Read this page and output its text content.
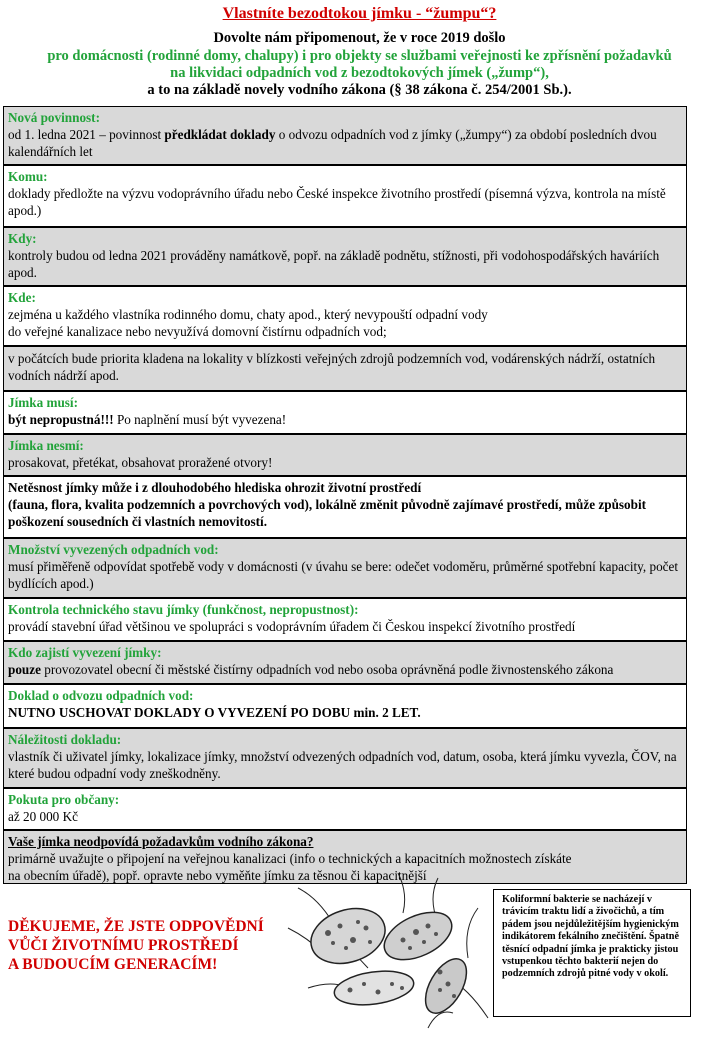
Vlastníte bezodtokou jímku - “žumpu“?
Dovolte nám připomenout, že v roce 2019 došlo
pro domácnosti (rodinné domy, chalupy) i pro objekty se službami veřejnosti ke zpřísnění požadavků
na likvidaci odpadních vod z bezodtokových jímek („žump“),
a to na základě novely vodního zákona (§ 38 zákona č. 254/2001 Sb.).
Nová povinnost:
od 1. ledna 2021 – povinnost předkládat doklady o odvozu odpadních vod z jímky („žumpy“) za období posledních dvou kalendářních let
Komu:
doklady předložte na výzvu vodoprávního úřadu nebo České inspekce životního prostředí (písemná výzva, kontrola na místě apod.)
Kdy:
kontroly budou od ledna 2021 prováděny namátkově, popř. na základě podnětu, stížnosti, při vodohospodářských haváriích apod.
Kde:
zejména u každého vlastníka rodinného domu, chaty apod., který nevypouští odpadní vody
do veřejné kanalizace nebo nevyužívá domovní čistírnu odpadních vod;
v počátcích bude priorita kladena na lokality v blízkosti veřejných zdrojů podzemních vod, vodárenských nádrží, ostatních vodních nádrží apod.
Jímka musí:
být nepropustná!!! Po naplnění musí být vyvezena!
Jímka nesmí:
prosakovat, přetékat, obsahovat proražené otvory!
Netěsnost jímky může i z dlouhodobého hlediska ohrozit životní prostředí
(fauna, flora, kvalita podzemních a povrchových vod), lokálně změnit původně zajímavé prostředí, může způsobit poškození sousedních či vlastních nemovitostí.
Množství vyvezených odpadních vod:
musí přiměřeně odpovídat spotřebě vody v domácnosti (v úvahu se bere: odečet vodoměru, průměrné spotřební kapacity, počet bydlících apod.)
Kontrola technického stavu jímky (funkčnost, nepropustnost):
provádí stavební úřad většinou ve spolupráci s vodoprávním úřadem či Českou inspekcí životního prostředí
Kdo zajistí vyvezení jímky:
pouze provozovatel obecní či městské čistírny odpadních vod nebo osoba oprávněná podle živnostenského zákona
Doklad o odvozu odpadních vod:
NUTNO USCHOVAT DOKLADY O VYVEZENÍ PO DOBU min. 2 LET.
Náležitosti dokladu:
vlastník či uživatel jímky, lokalizace jímky, množství odvezených odpadních vod, datum, osoba, která jímku vyvezla, ČOV, na které budou odpadní vody zneškodněny.
Pokuta pro občany:
až 20 000 Kč
Vaše jímka neodpovídá požadavkům vodního zákona?
primárně uvažujte o připojení na veřejnou kanalizaci (info o technických a kapacitních možnostech získáte
na obecním úřadě), popř. opravte nebo vyměňte jímku za těsnou či kapacitnější
DĚKUJEME, ŽE JSTE ODPOVĚDNÍ
VŮČI ŽIVOTNÍMU PROSTŘEDÍ
A BUDOUCÍM GENERACÍM!
Koliformní bakterie se nacházejí v trávicím traktu lidí a živočichů, a tím pádem jsou nejdůležitějším hygienickým indikátorem fekálního znečištění. Špatně těsnící odpadní jímka je prakticky jistou vstupenkou těchto bakterií nejen do podzemních zdrojů pitné vody v okolí.
